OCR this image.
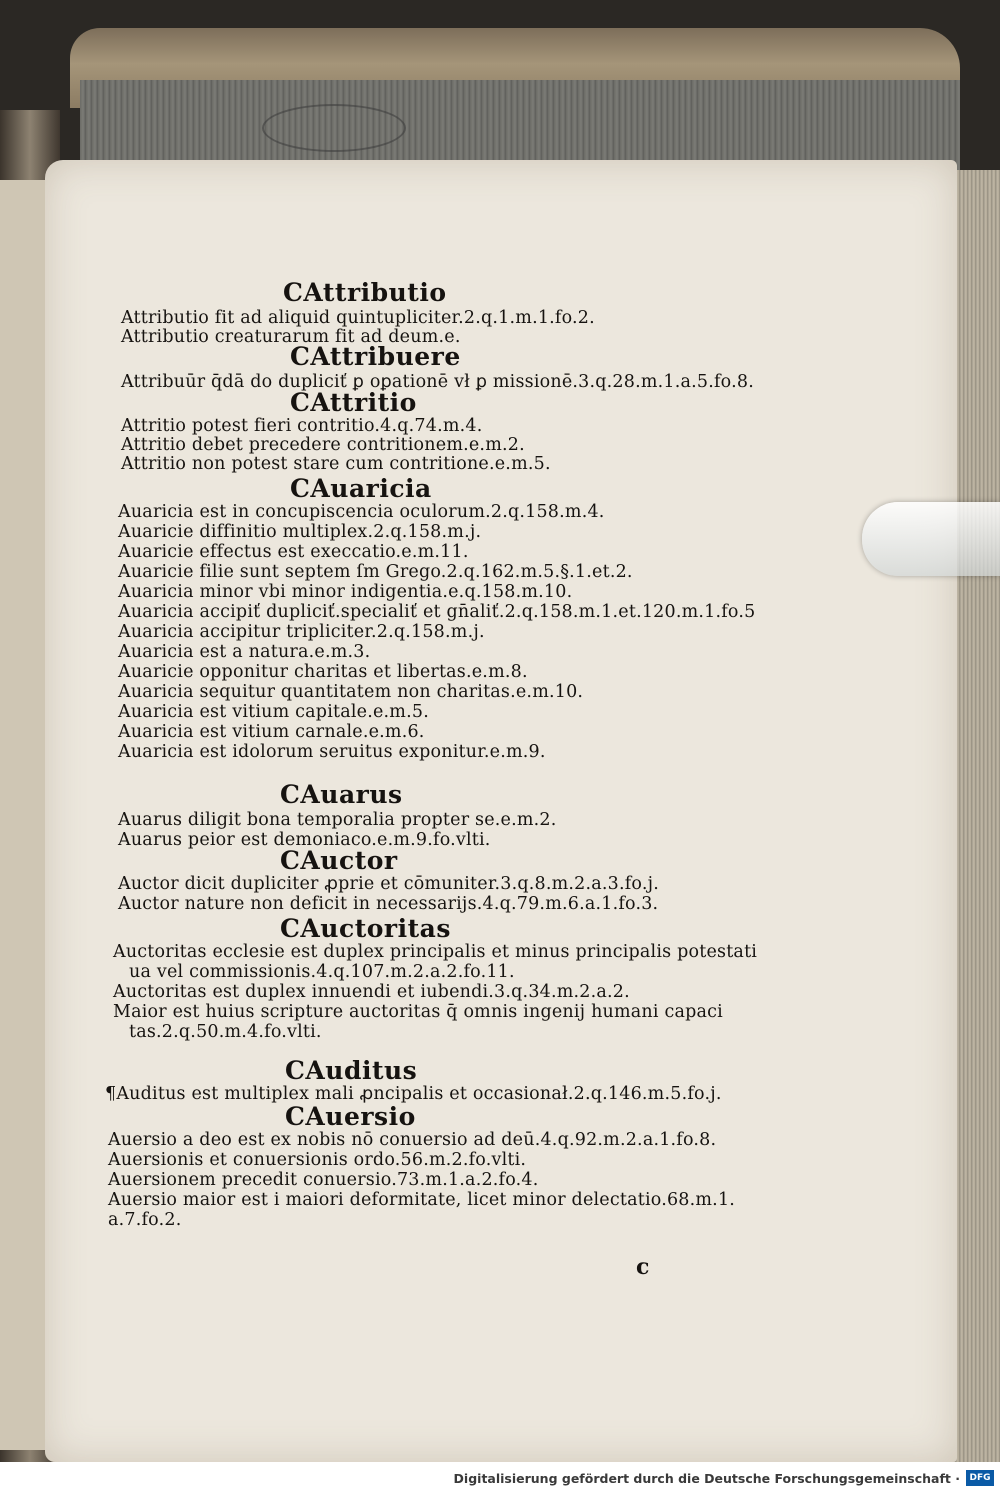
CAttributio
Attributio fit ad aliquid quintupliciter.2.q.1.m.1.fo.2.
Attributio creaturarum fit ad deum.e.
CAttribuere
Attribuūr q̄dā do dupliciť ꝑ oꝑationē vł ꝑ missionē.3.q.28.m.1.a.5.fo.8.
CAttritio
Attritio potest fieri contritio.4.q.74.m.4.
Attritio debet precedere contritionem.e.m.2.
Attritio non potest stare cum contritione.e.m.5.
CAuaricia
Auaricia est in concupiscencia oculorum.2.q.158.m.4.
Auaricie diffinitio multiplex.2.q.158.m.j.
Auaricie effectus est execcatio.e.m.11.
Auaricie filie sunt septem ſm Grego.2.q.162.m.5.§.1.et.2.
Auaricia minor vbi minor indigentia.e.q.158.m.10.
Auaricia accipiť dupliciť.specialiť et gn̄aliť.2.q.158.m.1.et.120.m.1.fo.5
Auaricia accipitur tripliciter.2.q.158.m.j.
Auaricia est a natura.e.m.3.
Auaricie opponitur charitas et libertas.e.m.8.
Auaricia sequitur quantitatem non charitas.e.m.10.
Auaricia est vitium capitale.e.m.5.
Auaricia est vitium carnale.e.m.6.
Auaricia est idolorum seruitus exponitur.e.m.9.
CAuarus
Auarus diligit bona temporalia propter se.e.m.2.
Auarus peior est demoniaco.e.m.9.fo.vlti.
CAuctor
Auctor dicit dupliciter ꝓprie et cōmuniter.3.q.8.m.2.a.3.fo.j.
Auctor nature non deficit in necessarijs.4.q.79.m.6.a.1.fo.3.
CAuctoritas
Auctoritas ecclesie est duplex principalis et minus principalis potestati
ua vel commissionis.4.q.107.m.2.a.2.fo.11.
Auctoritas est duplex innuendi et iubendi.3.q.34.m.2.a.2.
Maior est huius scripture auctoritas q̄ omnis ingenij humani capaci
tas.2.q.50.m.4.fo.vlti.
CAuditus
¶Auditus est multiplex mali ꝓncipalis et occasionał.2.q.146.m.5.fo.j.
CAuersio
Auersio a deo est ex nobis nō conuersio ad deū.4.q.92.m.2.a.1.fo.8.
Auersionis et conuersionis ordo.56.m.2.fo.vlti.
Auersionem precedit conuersio.73.m.1.a.2.fo.4.
Auersio maior est i maiori deformitate, licet minor delectatio.68.m.1.
a.7.fo.2.
c
Digitalisierung gefördert durch die Deutsche Forschungsgemeinschaft ·	DFG
